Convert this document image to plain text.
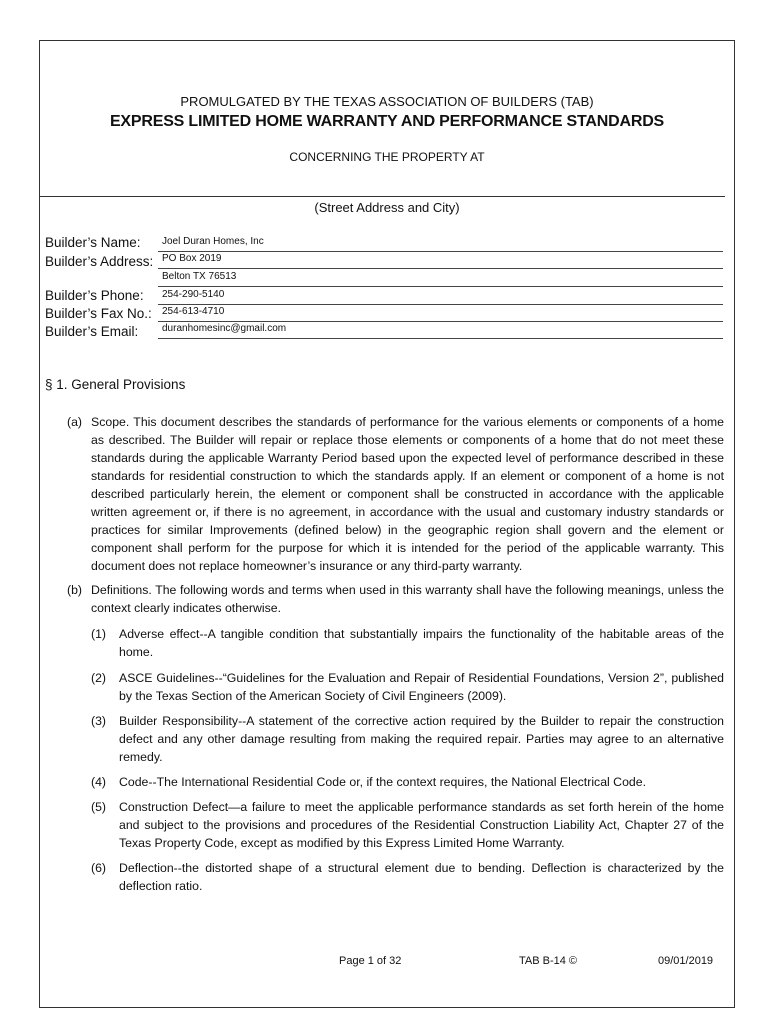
PROMULGATED BY THE TEXAS ASSOCIATION OF BUILDERS (TAB)
EXPRESS LIMITED HOME WARRANTY AND PERFORMANCE STANDARDS
CONCERNING THE PROPERTY AT
(Street Address and City)
Builder’s Name:	Joel Duran Homes, Inc
Builder’s Address: PO Box 2019
Belton TX 76513
Builder’s Phone:	254-290-5140
Builder’s Fax No.:	254-613-4710
Builder’s Email:	duranhomesinc@gmail.com
§ 1. General Provisions
(a) Scope. This document describes the standards of performance for the various elements or components of a home as described. The Builder will repair or replace those elements or components of a home that do not meet these standards during the applicable Warranty Period based upon the expected level of performance described in these standards for residential construction to which the standards apply. If an element or component of a home is not described particularly herein, the element or component shall be constructed in accordance with the applicable written agreement or, if there is no agreement, in accordance with the usual and customary industry standards or practices for similar Improvements (defined below) in the geographic region shall govern and the element or component shall perform for the purpose for which it is intended for the period of the applicable warranty. This document does not replace homeowner’s insurance or any third-party warranty.
(b) Definitions. The following words and terms when used in this warranty shall have the following meanings, unless the context clearly indicates otherwise.
(1) Adverse effect--A tangible condition that substantially impairs the functionality of the habitable areas of the home.
(2) ASCE Guidelines--“Guidelines for the Evaluation and Repair of Residential Foundations, Version 2”, published by the Texas Section of the American Society of Civil Engineers (2009).
(3) Builder Responsibility--A statement of the corrective action required by the Builder to repair the construction defect and any other damage resulting from making the required repair. Parties may agree to an alternative remedy.
(4) Code--The International Residential Code or, if the context requires, the National Electrical Code.
(5) Construction Defect—a failure to meet the applicable performance standards as set forth herein of the home and subject to the provisions and procedures of the Residential Construction Liability Act, Chapter 27 of the Texas Property Code, except as modified by this Express Limited Home Warranty.
(6) Deflection--the distorted shape of a structural element due to bending. Deflection is characterized by the deflection ratio.
Page 1 of 32	TAB B-14 ©	09/01/2019
